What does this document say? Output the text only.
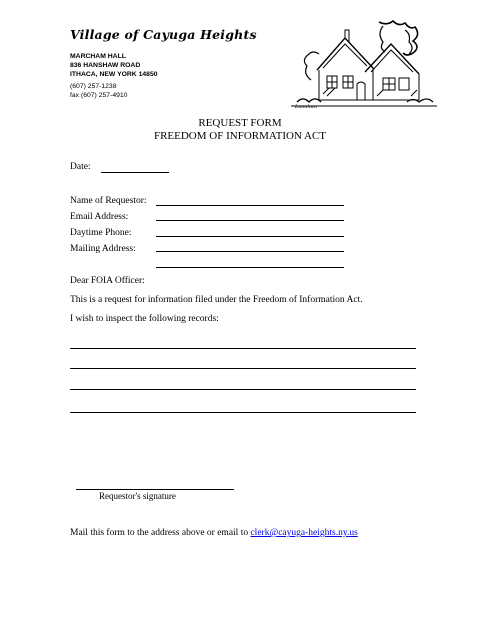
Village of Cayuga Heights
MARCHAM HALL
836 HANSHAW ROAD
ITHACA, NEW YORK 14850
(607) 257-1238
fax (607) 257-4910
Lanahan
REQUEST FORM
FREEDOM OF INFORMATION ACT
Date:
Name of Requestor:
Email Address:
Daytime Phone:
Mailing Address:
Dear FOIA Officer:
This is a request for information filed under the Freedom of Information Act.
I wish to inspect the following records:
Requestor's signature
Mail this form to the address above or email to clerk@cayuga-heights.ny.us
